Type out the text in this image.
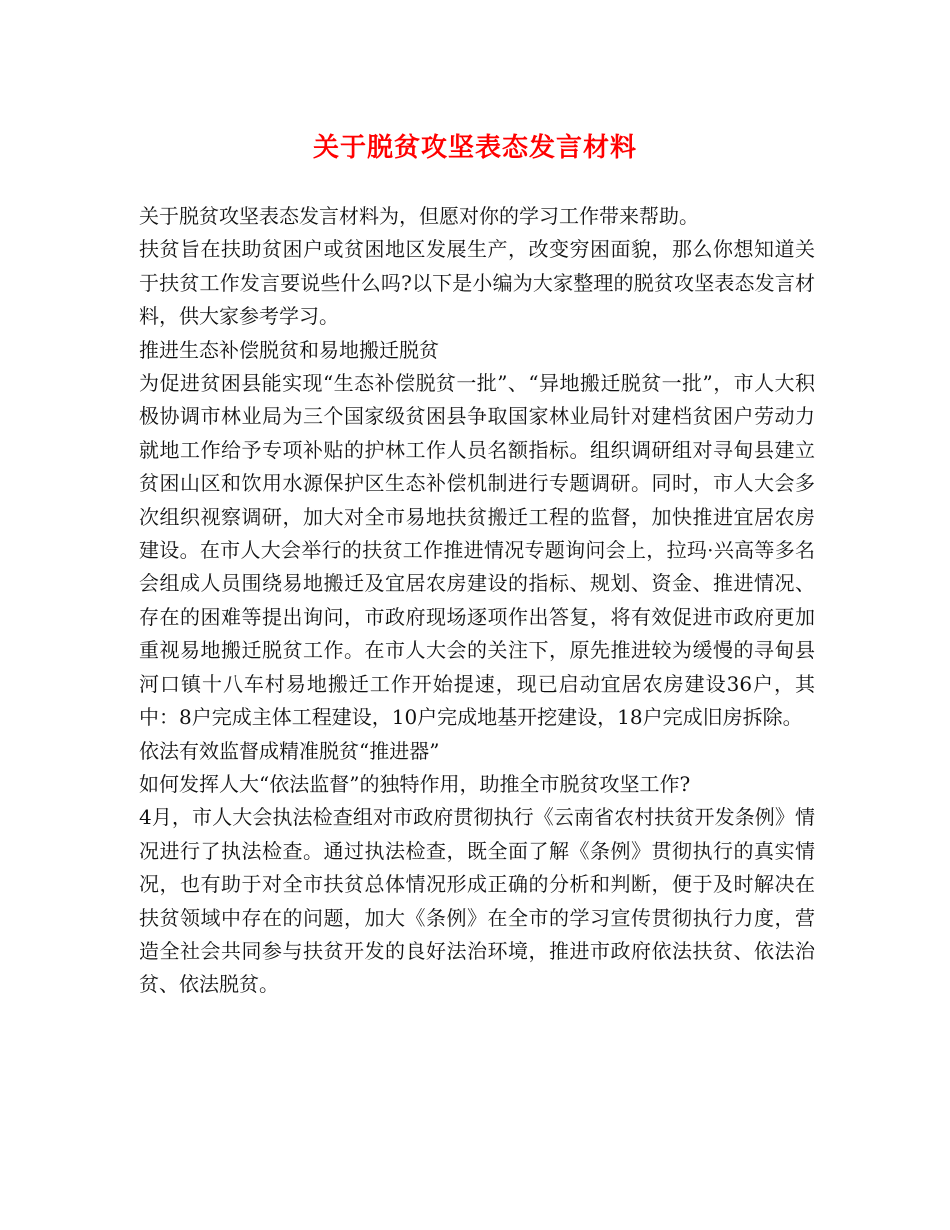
关于脱贫攻坚表态发言材料

关于脱贫攻坚表态发言材料为，但愿对你的学习工作带来帮助。

扶贫旨在扶助贫困户或贫困地区发展生产，改变穷困面貌，那么你想知道关于扶贫工作发言要说些什么吗?以下是小编为大家整理的脱贫攻坚表态发言材料，供大家参考学习。

推进生态补偿脱贫和易地搬迁脱贫

为促进贫困县能实现“生态补偿脱贫一批”、“异地搬迁脱贫一批”，市人大积极协调市林业局为三个国家级贫困县争取国家林业局针对建档贫困户劳动力就地工作给予专项补贴的护林工作人员名额指标。组织调研组对寻甸县建立贫困山区和饮用水源保护区生态补偿机制进行专题调研。同时，市人大会多次组织视察调研，加大对全市易地扶贫搬迁工程的监督，加快推进宜居农房建设。在市人大会举行的扶贫工作推进情况专题询问会上，拉玛·兴高等多名会组成人员围绕易地搬迁及宜居农房建设的指标、规划、资金、推进情况、存在的困难等提出询问，市政府现场逐项作出答复，将有效促进市政府更加重视易地搬迁脱贫工作。在市人大会的关注下，原先推进较为缓慢的寻甸县河口镇十八车村易地搬迁工作开始提速，现已启动宜居农房建设36户，其中：8户完成主体工程建设，10户完成地基开挖建设，18户完成旧房拆除。

依法有效监督成精准脱贫“推进器”

如何发挥人大“依法监督”的独特作用，助推全市脱贫攻坚工作?

4月，市人大会执法检查组对市政府贯彻执行《云南省农村扶贫开发条例》情况进行了执法检查。通过执法检查，既全面了解《条例》贯彻执行的真实情况，也有助于对全市扶贫总体情况形成正确的分析和判断，便于及时解决在扶贫领域中存在的问题，加大《条例》在全市的学习宣传贯彻执行力度，营造全社会共同参与扶贫开发的良好法治环境，推进市政府依法扶贫、依法治贫、依法脱贫。
